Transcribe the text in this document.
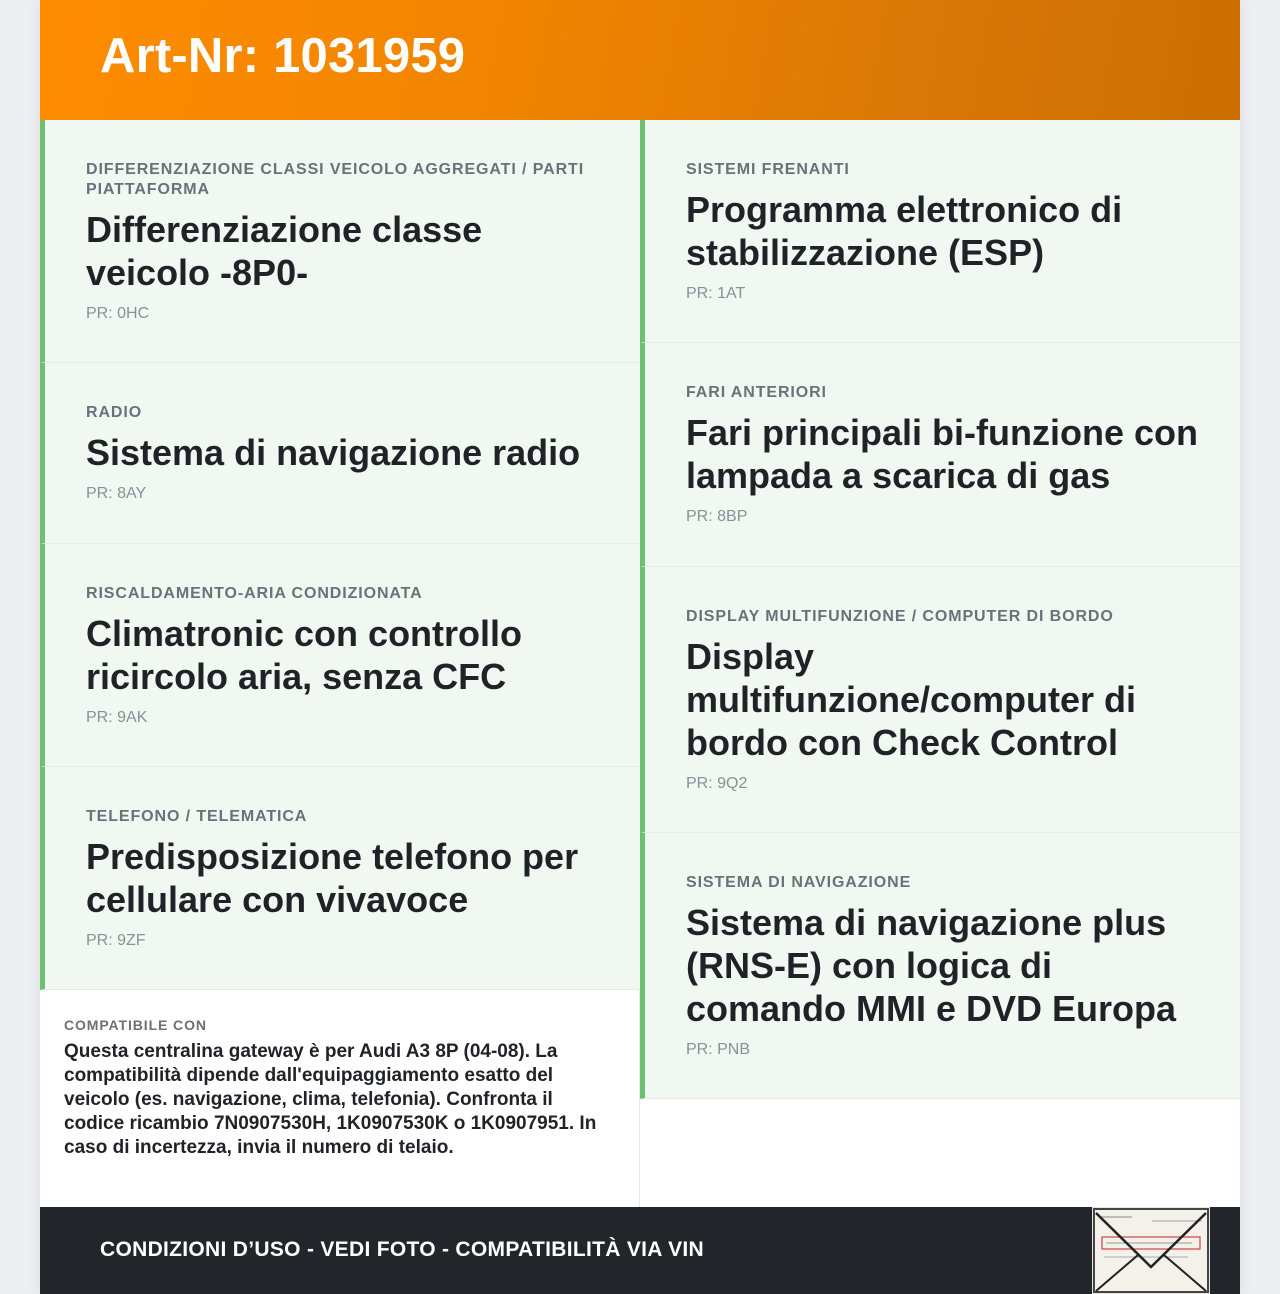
Art-Nr: 1031959
DIFFERENZIAZIONE CLASSI VEICOLO AGGREGATI / PARTI PIATTAFORMA
Differenziazione classe veicolo -8P0-
PR: 0HC
RADIO
Sistema di navigazione radio
PR: 8AY
RISCALDAMENTO-ARIA CONDIZIONATA
Climatronic con controllo ricircolo aria, senza CFC
PR: 9AK
TELEFONO / TELEMATICA
Predisposizione telefono per cellulare con vivavoce
PR: 9ZF
COMPATIBILE CON
Questa centralina gateway è per Audi A3 8P (04-08). La compatibilità dipende dall'equipaggiamento esatto del veicolo (es. navigazione, clima, telefonia). Confronta il codice ricambio 7N0907530H, 1K0907530K o 1K0907951. In caso di incertezza, invia il numero di telaio.
SISTEMI FRENANTI
Programma elettronico di stabilizzazione (ESP)
PR: 1AT
FARI ANTERIORI
Fari principali bi-funzione con lampada a scarica di gas
PR: 8BP
DISPLAY MULTIFUNZIONE / COMPUTER DI BORDO
Display multifunzione/computer di bordo con Check Control
PR: 9Q2
SISTEMA DI NAVIGAZIONE
Sistema di navigazione plus (RNS-E) con logica di comando MMI e DVD Europa
PR: PNB
CONDIZIONI D’USO - VEDI FOTO - COMPATIBILITÀ VIA VIN
